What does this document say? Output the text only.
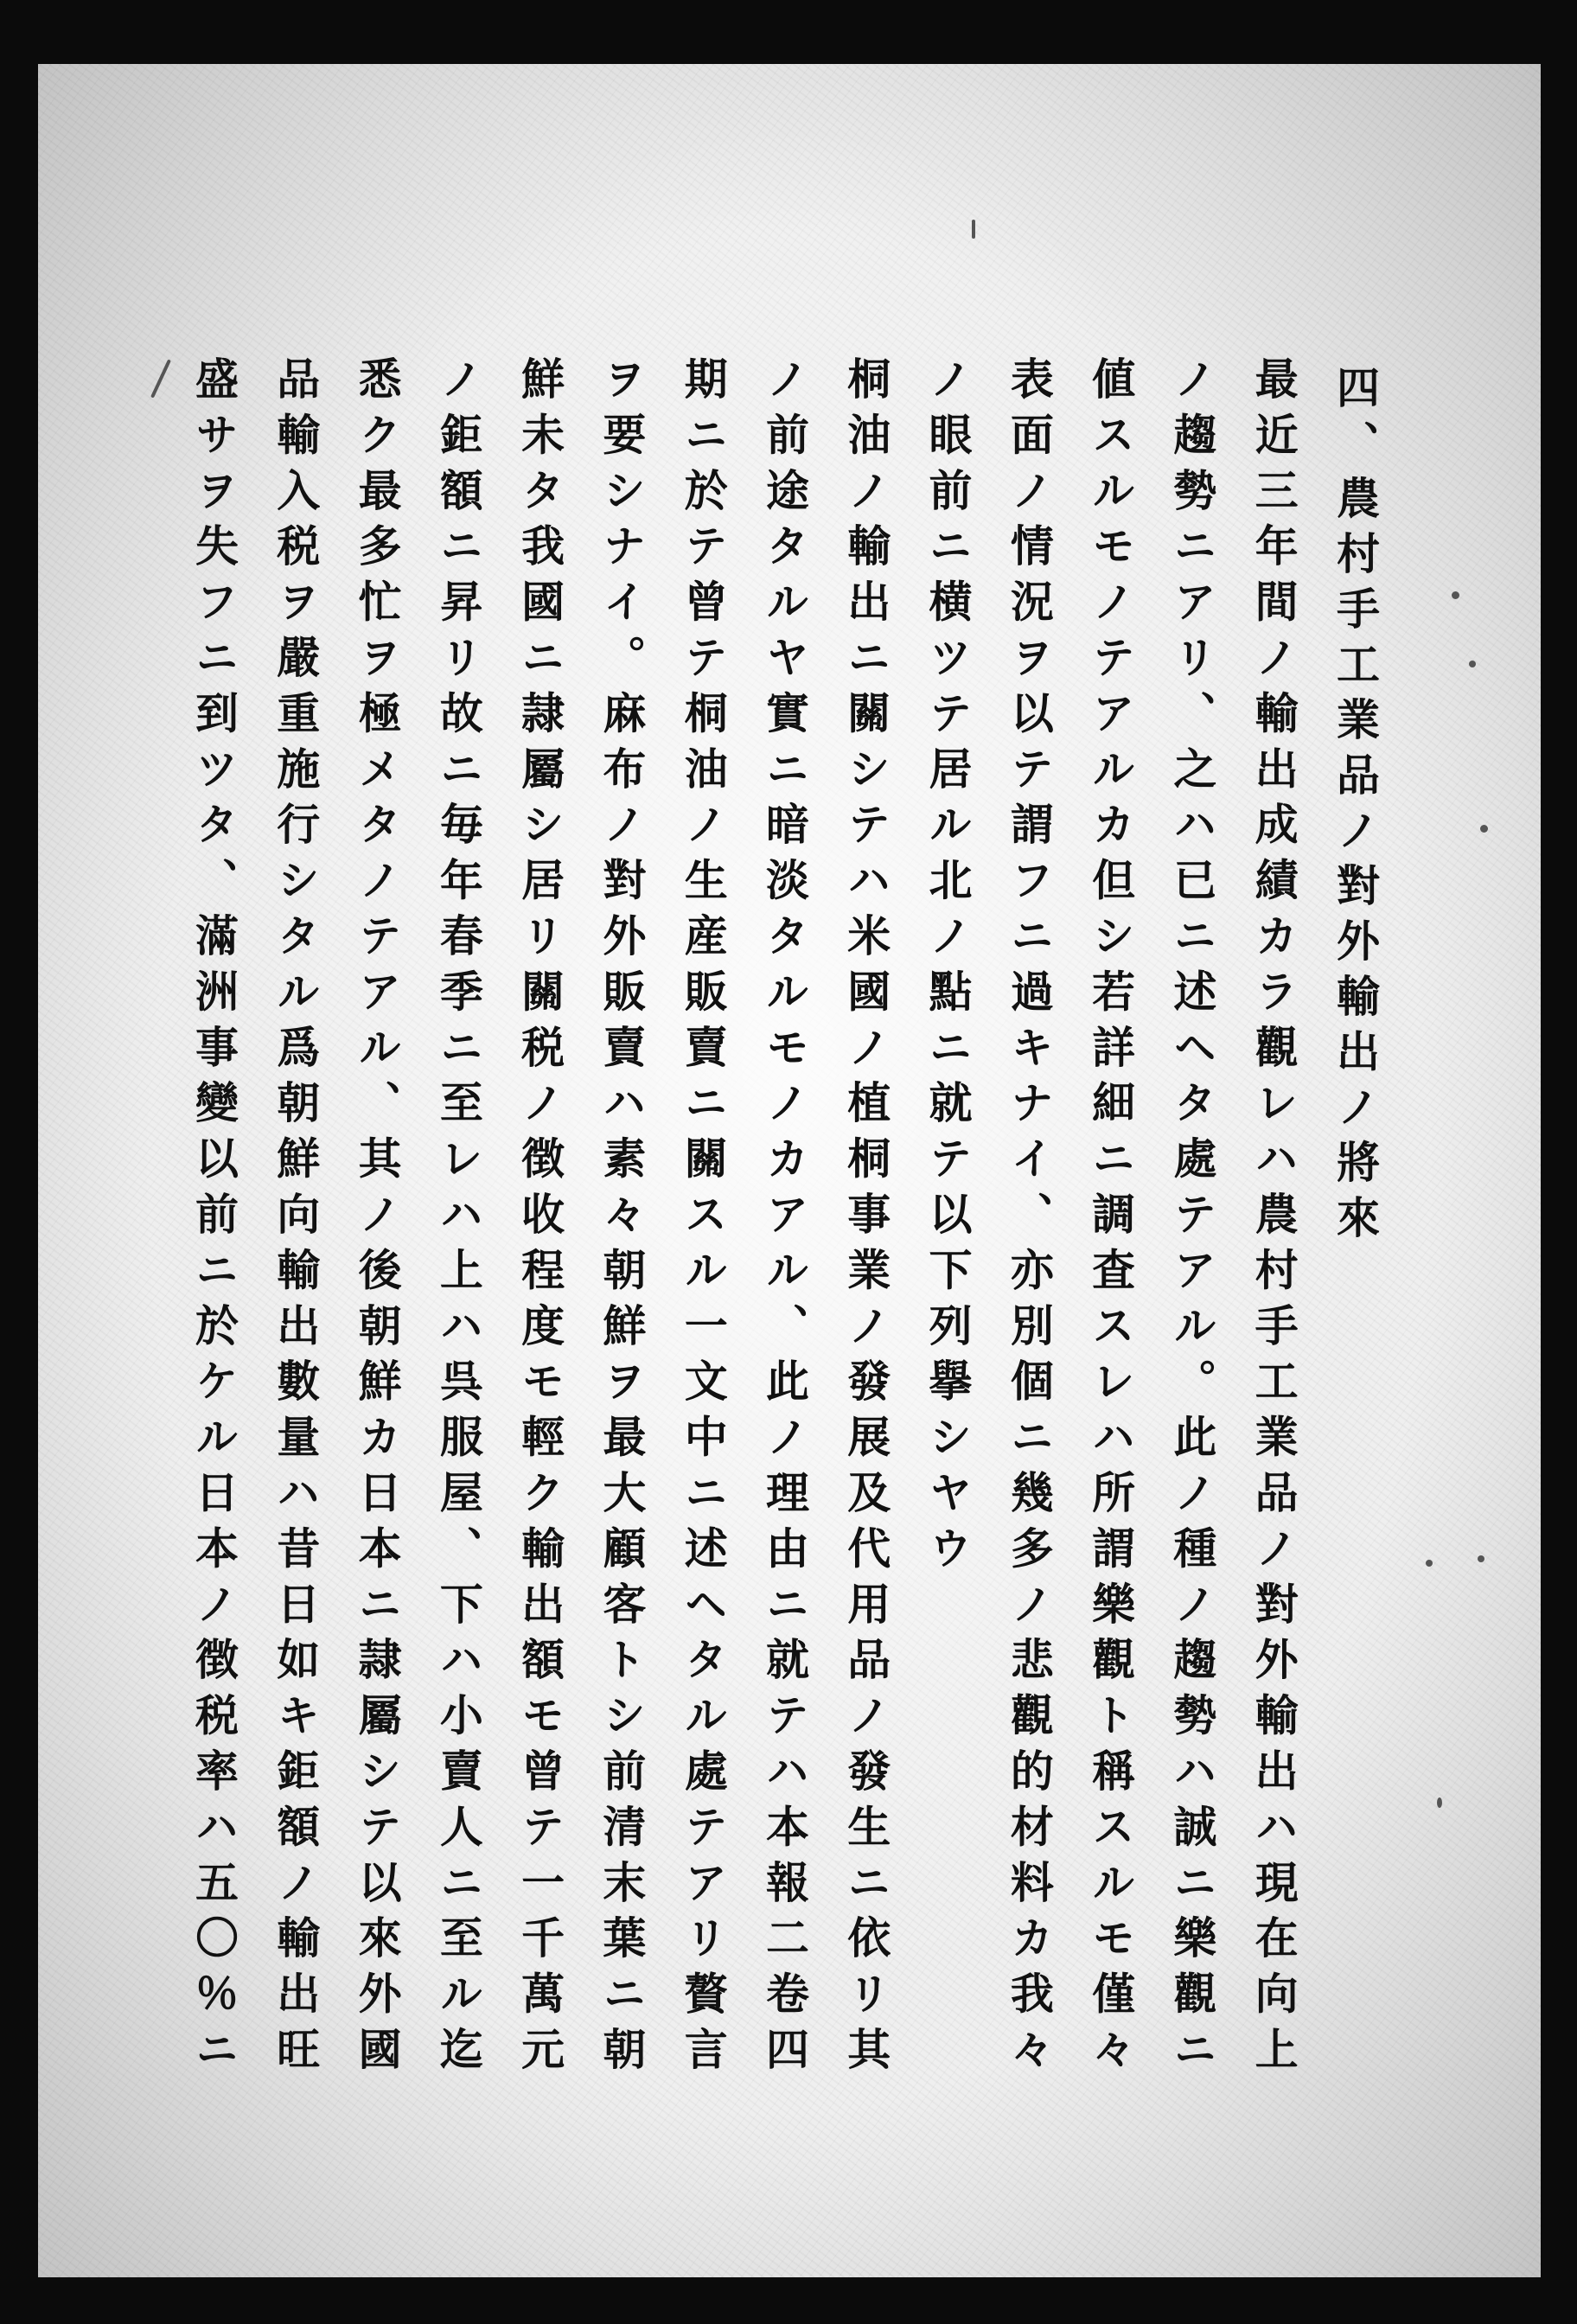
四、農村手工業品ノ對外輸出ノ將來
最近三年間ノ輸出成績カラ觀レハ農村手工業品ノ對外輸出ハ現在向上
ノ趨勢ニアリ、之ハ已ニ述ヘタ處テアル。此ノ種ノ趨勢ハ誠ニ樂觀ニ
値スルモノテアルカ但シ若詳細ニ調査スレハ所謂樂觀ト稱スルモ僅々
表面ノ情況ヲ以テ謂フニ過キナイ、亦別個ニ幾多ノ悲觀的材料カ我々
ノ眼前ニ横ツテ居ル北ノ點ニ就テ以下列擧シヤウ
桐油ノ輸出ニ關シテハ米國ノ植桐事業ノ發展及代用品ノ發生ニ依リ其
ノ前途タルヤ實ニ暗淡タルモノカアル、此ノ理由ニ就テハ本報二卷四
期ニ於テ曾テ桐油ノ生産販賣ニ關スル一文中ニ述ヘタル處テアリ贅言
ヲ要シナイ。麻布ノ對外販賣ハ素々朝鮮ヲ最大顧客トシ前清末葉ニ朝
鮮未タ我國ニ隷屬シ居リ關税ノ徴收程度モ輕ク輸出額モ曾テ一千萬元
ノ鉅額ニ昇リ故ニ毎年春季ニ至レハ上ハ呉服屋、下ハ小賣人ニ至ル迄
悉ク最多忙ヲ極メタノテアル、其ノ後朝鮮カ日本ニ隷屬シテ以來外國
品輸入税ヲ嚴重施行シタル爲朝鮮向輸出數量ハ昔日如キ鉅額ノ輸出旺
盛サヲ失フニ到ツタ、滿洲事變以前ニ於ケル日本ノ徴税率ハ五〇％ニ
